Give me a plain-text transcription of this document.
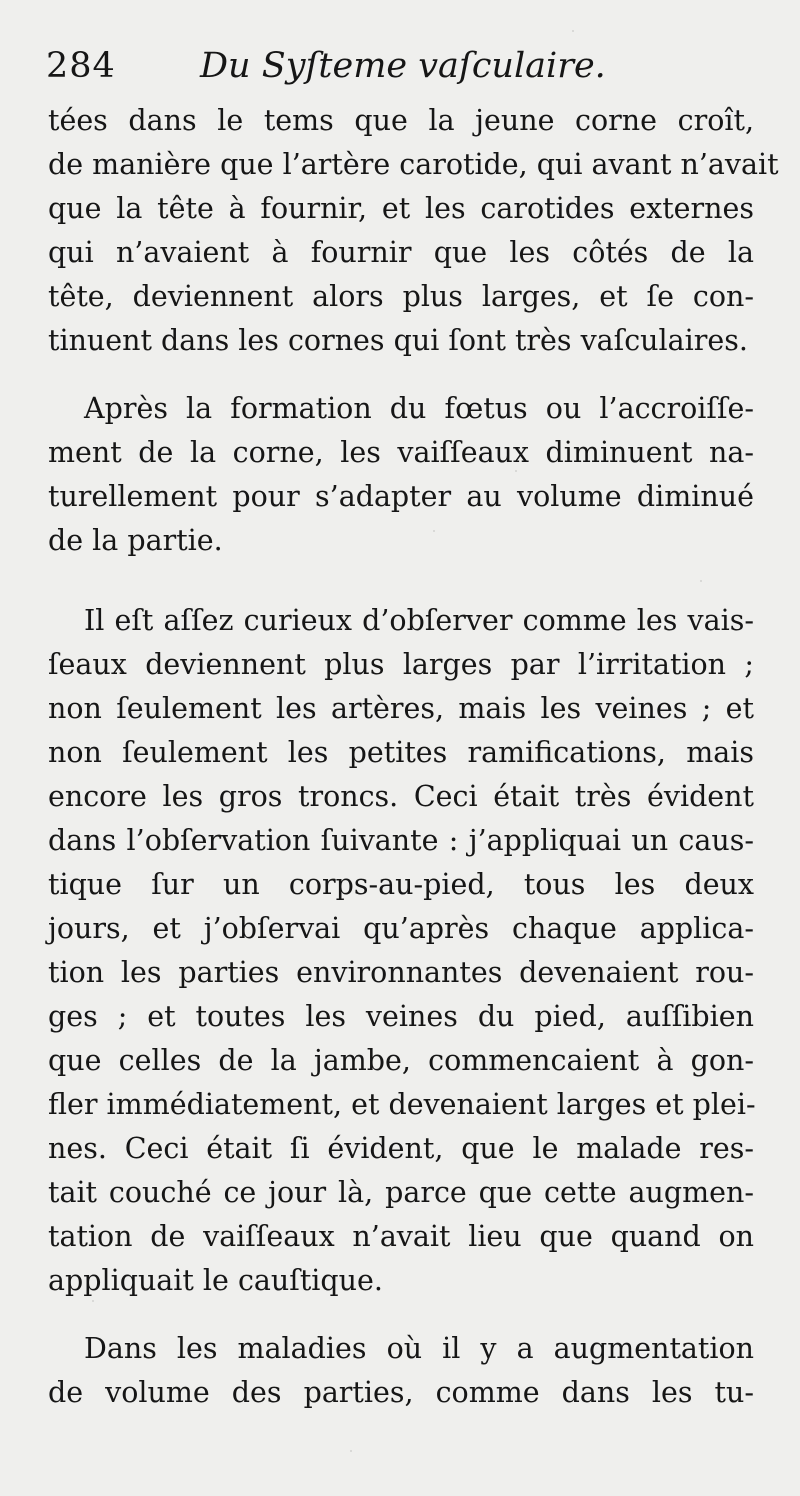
284 Du Syſteme vaſculaire.
tées dans le tems que la jeune corne croît,
de manière que l’artère carotide, qui avant n’avait
que la tête à fournir, et les carotides externes
qui n’avaient à fournir que les côtés de la
tête, deviennent alors plus larges, et ſe con-
tinuent dans les cornes qui ſont très vaſculaires.
Après la formation du fœtus ou l’accroiſſe-
ment de la corne, les vaiſſeaux diminuent na-
turellement pour s’adapter au volume diminué
de la partie.
Il eſt aſſez curieux d’obſerver comme les vais-
ſeaux deviennent plus larges par l’irritation ;
non ſeulement les artères, mais les veines ; et
non ſeulement les petites ramifications, mais
encore les gros troncs. Ceci était très évident
dans l’obſervation ſuivante : j’appliquai un caus-
tique ſur un corps-au-pied, tous les deux
jours, et j’obſervai qu’après chaque applica-
tion les parties environnantes devenaient rou-
ges ; et toutes les veines du pied, auſſibien
que celles de la jambe, commencaient à gon-
fler immédiatement, et devenaient larges et plei-
nes. Ceci était ſi évident, que le malade res-
tait couché ce jour là, parce que cette augmen-
tation de vaiſſeaux n’avait lieu que quand on
appliquait le cauſtique.
Dans les maladies où il y a augmentation
de volume des parties, comme dans les tu-
